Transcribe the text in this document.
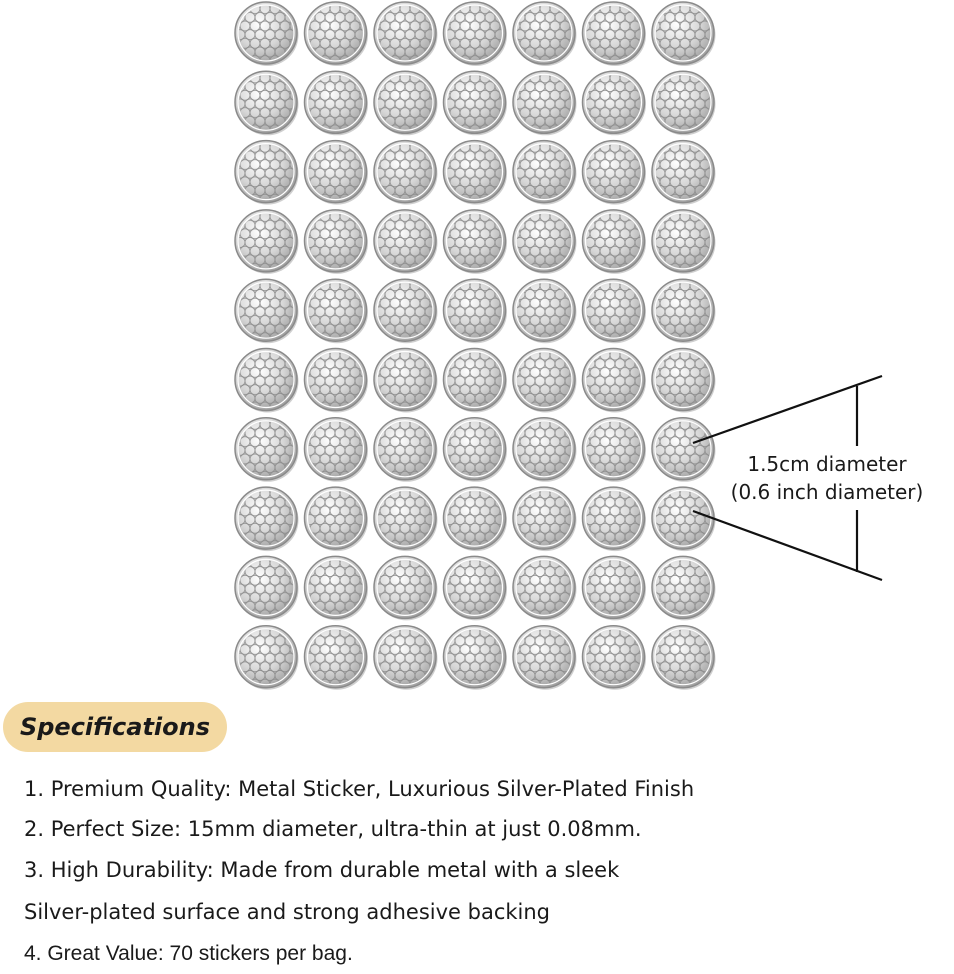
1.5cm diameter
(0.6 inch diameter)
Specifications
1. Premium Quality: Metal Sticker, Luxurious Silver-Plated Finish
2. Perfect Size: 15mm diameter, ultra-thin at just 0.08mm.
3. High Durability: Made from durable metal with a sleek
Silver-plated surface and strong adhesive backing
4. Great Value: 70 stickers per bag.
